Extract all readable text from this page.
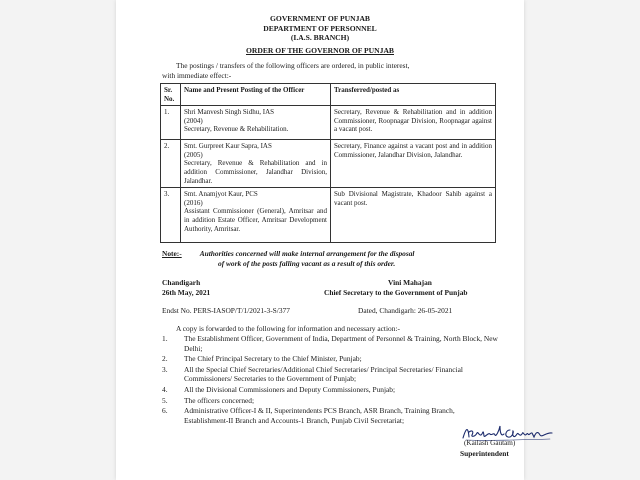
GOVERNMENT OF PUNJAB
DEPARTMENT OF PERSONNEL
(I.A.S. BRANCH)
ORDER OF THE GOVERNOR OF PUNJAB
The postings / transfers of the following officers are ordered, in public interest,
with immediate effect:-
Sr. No.	Name and Present Posting of the Officer	Transferred/posted as
1.	Shri Manvesh Singh Sidhu, IAS
(2004)
Secretary, Revenue & Rehabilitation.	Secretary, Revenue & Rehabilitation and in addition Commissioner, Roopnagar Division, Roopnagar against a vacant post.
2.	Smt. Gurpreet Kaur Sapra, IAS
(2005)
Secretary, Revenue & Rehabilitation and in addition Commissioner, Jalandhar Division, Jalandhar.	Secretary, Finance against a vacant post and in addition Commissioner, Jalandhar Division, Jalandhar.
3.	Smt. Anamjyot Kaur, PCS
(2016)
Assistant Commissioner (General), Amritsar and in addition Estate Officer, Amritsar Development Authority, Amritsar.	Sub Divisional Magistrate, Khadoor Sahib against a vacant post.
Note:- Authorities concerned will make internal arrangement for the disposal
of work of the posts falling vacant as a result of this order.
Chandigarh
26th May, 2021
Vini Mahajan
Chief Secretary to the Government of Punjab
Endst No. PERS-IASOP/T/1/2021-3-S/377	Dated, Chandigarh: 26-05-2021
A copy is forwarded to the following for information and necessary action:-
1. The Establishment Officer, Government of India, Department of Personnel & Training, North Block, New Delhi;
2. The Chief Principal Secretary to the Chief Minister, Punjab;
3. All the Special Chief Secretaries/Additional Chief Secretaries/ Principal Secretaries/ Financial Commissioners/ Secretaries to the Government of Punjab;
4. All the Divisional Commissioners and Deputy Commissioners, Punjab;
5. The officers concerned;
6. Administrative Officer-I & II, Superintendents PCS Branch, ASR Branch, Training Branch, Establishment-II Branch and Accounts-1 Branch, Punjab Civil Secretariat;
(Kailash Gautam)
Superintendent
